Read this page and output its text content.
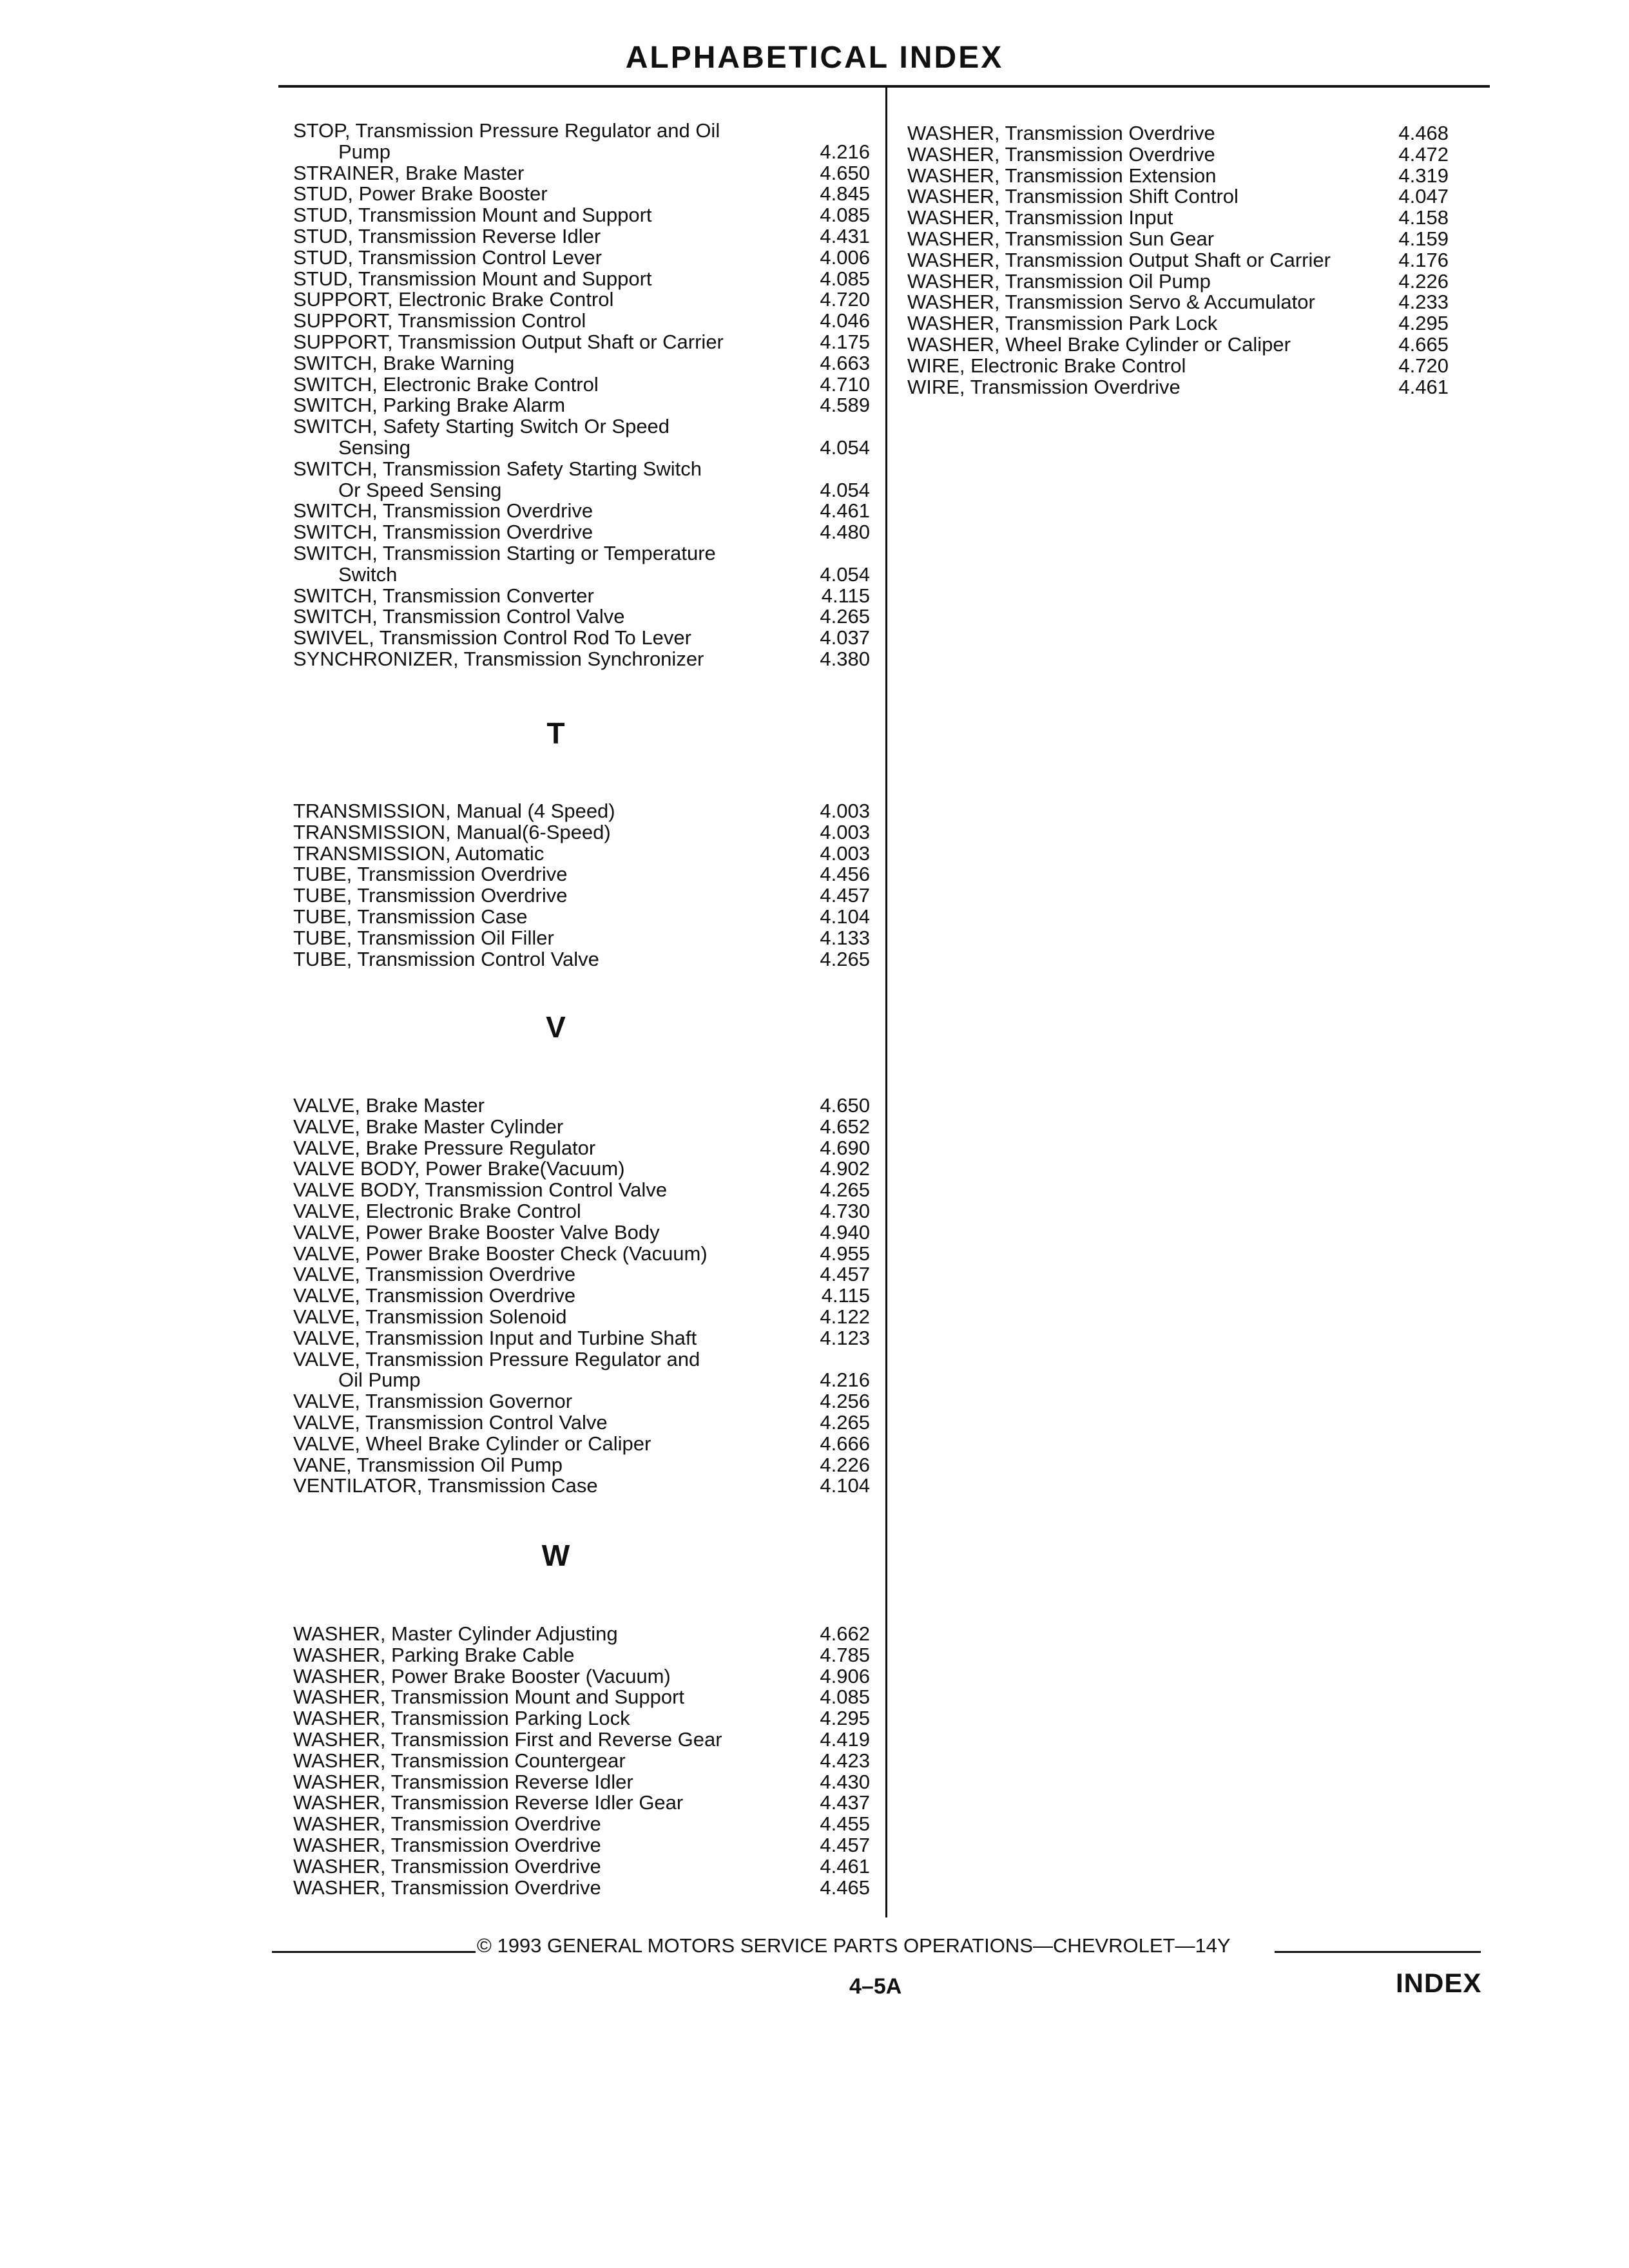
ALPHABETICAL INDEX
STOP, Transmission Pressure Regulator and Oil
Pump	4.216
STRAINER, Brake Master	4.650
STUD, Power Brake Booster	4.845
STUD, Transmission Mount and Support	4.085
STUD, Transmission Reverse Idler	4.431
STUD, Transmission Control Lever	4.006
STUD, Transmission Mount and Support	4.085
SUPPORT, Electronic Brake Control	4.720
SUPPORT, Transmission Control	4.046
SUPPORT, Transmission Output Shaft or Carrier	4.175
SWITCH, Brake Warning	4.663
SWITCH, Electronic Brake Control	4.710
SWITCH, Parking Brake Alarm	4.589
SWITCH, Safety Starting Switch Or Speed
Sensing	4.054
SWITCH, Transmission Safety Starting Switch
Or Speed Sensing	4.054
SWITCH, Transmission Overdrive	4.461
SWITCH, Transmission Overdrive	4.480
SWITCH, Transmission Starting or Temperature
Switch	4.054
SWITCH, Transmission Converter	4.115
SWITCH, Transmission Control Valve	4.265
SWIVEL, Transmission Control Rod To Lever	4.037
SYNCHRONIZER, Transmission Synchronizer	4.380
T
TRANSMISSION, Manual (4 Speed)	4.003
TRANSMISSION, Manual(6-Speed)	4.003
TRANSMISSION, Automatic	4.003
TUBE, Transmission Overdrive	4.456
TUBE, Transmission Overdrive	4.457
TUBE, Transmission Case	4.104
TUBE, Transmission Oil Filler	4.133
TUBE, Transmission Control Valve	4.265
V
VALVE, Brake Master	4.650
VALVE, Brake Master Cylinder	4.652
VALVE, Brake Pressure Regulator	4.690
VALVE BODY, Power Brake(Vacuum)	4.902
VALVE BODY, Transmission Control Valve	4.265
VALVE, Electronic Brake Control	4.730
VALVE, Power Brake Booster Valve Body	4.940
VALVE, Power Brake Booster Check (Vacuum)	4.955
VALVE, Transmission Overdrive	4.457
VALVE, Transmission Overdrive	4.115
VALVE, Transmission Solenoid	4.122
VALVE, Transmission Input and Turbine Shaft	4.123
VALVE, Transmission Pressure Regulator and
Oil Pump	4.216
VALVE, Transmission Governor	4.256
VALVE, Transmission Control Valve	4.265
VALVE, Wheel Brake Cylinder or Caliper	4.666
VANE, Transmission Oil Pump	4.226
VENTILATOR, Transmission Case	4.104
W
WASHER, Master Cylinder Adjusting	4.662
WASHER, Parking Brake Cable	4.785
WASHER, Power Brake Booster (Vacuum)	4.906
WASHER, Transmission Mount and Support	4.085
WASHER, Transmission Parking Lock	4.295
WASHER, Transmission First and Reverse Gear	4.419
WASHER, Transmission Countergear	4.423
WASHER, Transmission Reverse Idler	4.430
WASHER, Transmission Reverse Idler Gear	4.437
WASHER, Transmission Overdrive	4.455
WASHER, Transmission Overdrive	4.457
WASHER, Transmission Overdrive	4.461
WASHER, Transmission Overdrive	4.465
WASHER, Transmission Overdrive	4.468
WASHER, Transmission Overdrive	4.472
WASHER, Transmission Extension	4.319
WASHER, Transmission Shift Control	4.047
WASHER, Transmission Input	4.158
WASHER, Transmission Sun Gear	4.159
WASHER, Transmission Output Shaft or Carrier	4.176
WASHER, Transmission Oil Pump	4.226
WASHER, Transmission Servo & Accumulator	4.233
WASHER, Transmission Park Lock	4.295
WASHER, Wheel Brake Cylinder or Caliper	4.665
WIRE, Electronic Brake Control	4.720
WIRE, Transmission Overdrive	4.461
© 1993 GENERAL MOTORS SERVICE PARTS OPERATIONS—CHEVROLET—14Y
4–5A	INDEX
